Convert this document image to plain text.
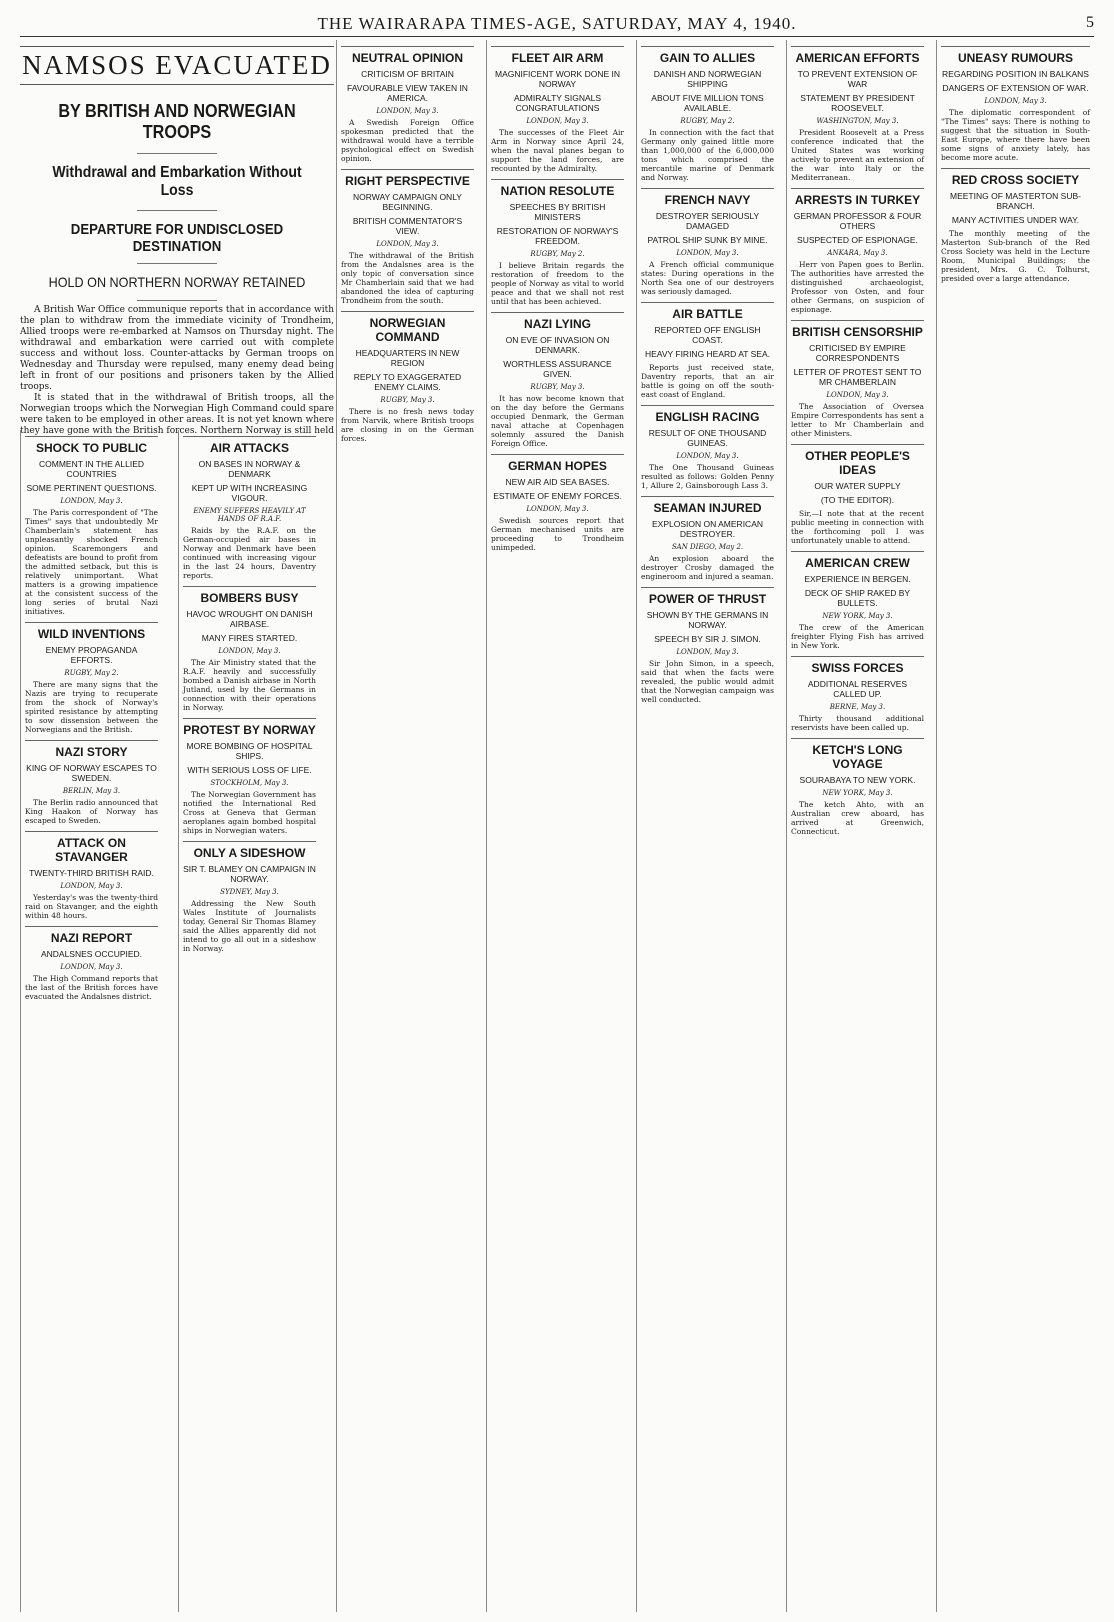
THE WAIRARAPA TIMES-AGE, SATURDAY, MAY 4, 1940.	5
NAMSOS EVACUATED
BY BRITISH AND NORWEGIAN TROOPS
Withdrawal and Embarkation Without Loss
DEPARTURE FOR UNDISCLOSED DESTINATION
HOLD ON NORTHERN NORWAY RETAINED

A British War Office communique reports that in accordance with the plan to withdraw from the immediate vicinity of Trondheim, Allied troops were re-embarked at Namsos on Thursday night. The withdrawal and embarkation were carried out with complete success and without loss. Counter-attacks by German troops on Wednesday and Thursday were repulsed, many enemy dead being left in front of our positions and prisoners taken by the Allied troops.

It is stated that in the withdrawal of British troops, all the Norwegian troops which the Norwegian High Command could spare were taken to be employed in other areas. It is not yet known where they have gone with the British forces. Northern Norway is still held

SHOCK TO PUBLIC
COMMENT IN THE ALLIED COUNTRIES
SOME PERTINENT QUESTIONS.
LONDON, May 3.

The Paris correspondent of "The Times" says that undoubtedly Mr Chamberlain's statement has unpleasantly shocked French opinion. Scaremongers and defeatists are bound to profit from the admitted setback, but this is relatively unimportant. What matters is a growing impatience at the consistent success of the long series of brutal Nazi initiatives.

WILD INVENTIONS
ENEMY PROPAGANDA EFFORTS.
RUGBY, May 2.

There are many signs that the Nazis are trying to recuperate from the shock of Norway's spirited resistance by attempting to sow dissension between the Norwegians and the British.

NAZI STORY
KING OF NORWAY ESCAPES TO SWEDEN.
BERLIN, May 3.

The Berlin radio announced that King Haakon of Norway has escaped to Sweden.

ATTACK ON STAVANGER
TWENTY-THIRD BRITISH RAID.
LONDON, May 3.

Yesterday's was the twenty-third raid on Stavanger, and the eighth within 48 hours.

NAZI REPORT
ANDALSNES OCCUPIED.
LONDON, May 3.

The High Command reports that the last of the British forces have evacuated the Andalsnes district.

AIR ATTACKS
ON BASES IN NORWAY & DENMARK
KEPT UP WITH INCREASING VIGOUR.
ENEMY SUFFERS HEAVILY AT HANDS OF R.A.F.

Raids by the R.A.F. on the German-occupied air bases in Norway and Denmark have been continued with increasing vigour in the last 24 hours, Daventry reports.

BOMBERS BUSY
HAVOC WROUGHT ON DANISH AIRBASE.
MANY FIRES STARTED.
LONDON, May 3.

The Air Ministry stated that the R.A.F. heavily and successfully bombed a Danish airbase in North Jutland, used by the Germans in connection with their operations in Norway.

PROTEST BY NORWAY
MORE BOMBING OF HOSPITAL SHIPS.
WITH SERIOUS LOSS OF LIFE.
STOCKHOLM, May 3.

The Norwegian Government has notified the International Red Cross at Geneva that German aeroplanes again bombed hospital ships in Norwegian waters.

ONLY A SIDESHOW
SIR T. BLAMEY ON CAMPAIGN IN NORWAY.
SYDNEY, May 3.

Addressing the New South Wales Institute of Journalists today, General Sir Thomas Blamey said the Allies apparently did not intend to go all out in a sideshow in Norway.

NEUTRAL OPINION
CRITICISM OF BRITAIN
FAVOURABLE VIEW TAKEN IN AMERICA.
LONDON, May 3.

A Swedish Foreign Office spokesman predicted that the withdrawal would have a terrible psychological effect on Swedish opinion.

RIGHT PERSPECTIVE
NORWAY CAMPAIGN ONLY BEGINNING.
BRITISH COMMENTATOR'S VIEW.
LONDON, May 3.

The withdrawal of the British from the Andalsnes area is the only topic of conversation since Mr Chamberlain said that we had abandoned the idea of capturing Trondheim from the south.

NORWEGIAN COMMAND
HEADQUARTERS IN NEW REGION
REPLY TO EXAGGERATED ENEMY CLAIMS.
RUGBY, May 3.

There is no fresh news today from Narvik, where British troops are closing in on the German forces.

FLEET AIR ARM
MAGNIFICENT WORK DONE IN NORWAY
ADMIRALTY SIGNALS CONGRATULATIONS
LONDON, May 3.

The successes of the Fleet Air Arm in Norway since April 24, when the naval planes began to support the land forces, are recounted by the Admiralty.

NATION RESOLUTE
SPEECHES BY BRITISH MINISTERS
RESTORATION OF NORWAY'S FREEDOM.
RUGBY, May 2.

I believe Britain regards the restoration of freedom to the people of Norway as vital to world peace and that we shall not rest until that has been achieved.

NAZI LYING
ON EVE OF INVASION ON DENMARK.
WORTHLESS ASSURANCE GIVEN.
RUGBY, May 3.

It has now become known that on the day before the Germans occupied Denmark, the German naval attache at Copenhagen solemnly assured the Danish Foreign Office.

GERMAN HOPES
NEW AIR AID SEA BASES.
ESTIMATE OF ENEMY FORCES.
LONDON, May 3.

Swedish sources report that German mechanised units are proceeding to Trondheim unimpeded.

GAIN TO ALLIES
DANISH AND NORWEGIAN SHIPPING
ABOUT FIVE MILLION TONS AVAILABLE.
RUGBY, May 2.

In connection with the fact that Germany only gained little more than 1,000,000 of the 6,000,000 tons which comprised the mercantile marine of Denmark and Norway.

FRENCH NAVY
DESTROYER SERIOUSLY DAMAGED
PATROL SHIP SUNK BY MINE.
LONDON, May 3.

A French official communique states: During operations in the North Sea one of our destroyers was seriously damaged.

AIR BATTLE
REPORTED OFF ENGLISH COAST.
HEAVY FIRING HEARD AT SEA.

Reports just received state, Daventry reports, that an air battle is going on off the south-east coast of England.

ENGLISH RACING
RESULT OF ONE THOUSAND GUINEAS.
LONDON, May 3.

The One Thousand Guineas resulted as follows: Golden Penny 1, Allure 2, Gainsborough Lass 3.

SEAMAN INJURED
EXPLOSION ON AMERICAN DESTROYER.
SAN DIEGO, May 2.

An explosion aboard the destroyer Crosby damaged the engineroom and injured a seaman.

POWER OF THRUST
SHOWN BY THE GERMANS IN NORWAY.
SPEECH BY SIR J. SIMON.
LONDON, May 3.

Sir John Simon, in a speech, said that when the facts were revealed, the public would admit that the Norwegian campaign was well conducted.

AMERICAN EFFORTS
TO PREVENT EXTENSION OF WAR
STATEMENT BY PRESIDENT ROOSEVELT.
WASHINGTON, May 3.

President Roosevelt at a Press conference indicated that the United States was working actively to prevent an extension of the war into Italy or the Mediterranean.

ARRESTS IN TURKEY
GERMAN PROFESSOR & FOUR OTHERS
SUSPECTED OF ESPIONAGE.
ANKARA, May 3.

Herr von Papen goes to Berlin. The authorities have arrested the distinguished archaeologist, Professor von Osten, and four other Germans, on suspicion of espionage.

BRITISH CENSORSHIP
CRITICISED BY EMPIRE CORRESPONDENTS
LETTER OF PROTEST SENT TO MR CHAMBERLAIN
LONDON, May 3.

The Association of Oversea Empire Correspondents has sent a letter to Mr Chamberlain and other Ministers.

OTHER PEOPLE'S IDEAS
OUR WATER SUPPLY
(TO THE EDITOR).

Sir,—I note that at the recent public meeting in connection with the forthcoming poll I was unfortunately unable to attend.

AMERICAN CREW
EXPERIENCE IN BERGEN.
DECK OF SHIP RAKED BY BULLETS.
NEW YORK, May 3.

The crew of the American freighter Flying Fish has arrived in New York.

SWISS FORCES
ADDITIONAL RESERVES CALLED UP.
BERNE, May 3.

Thirty thousand additional reservists have been called up.

KETCH'S LONG VOYAGE
SOURABAYA TO NEW YORK.
NEW YORK, May 3.

The ketch Ahto, with an Australian crew aboard, has arrived at Greenwich, Connecticut.

UNEASY RUMOURS
REGARDING POSITION IN BALKANS
DANGERS OF EXTENSION OF WAR.
LONDON, May 3.

The diplomatic correspondent of "The Times" says: There is nothing to suggest that the situation in South-East Europe, where there have been some signs of anxiety lately, has become more acute.

RED CROSS SOCIETY
MEETING OF MASTERTON SUB-BRANCH.
MANY ACTIVITIES UNDER WAY.

The monthly meeting of the Masterton Sub-branch of the Red Cross Society was held in the Lecture Room, Municipal Buildings; the president, Mrs. G. C. Tolhurst, presided over a large attendance.
